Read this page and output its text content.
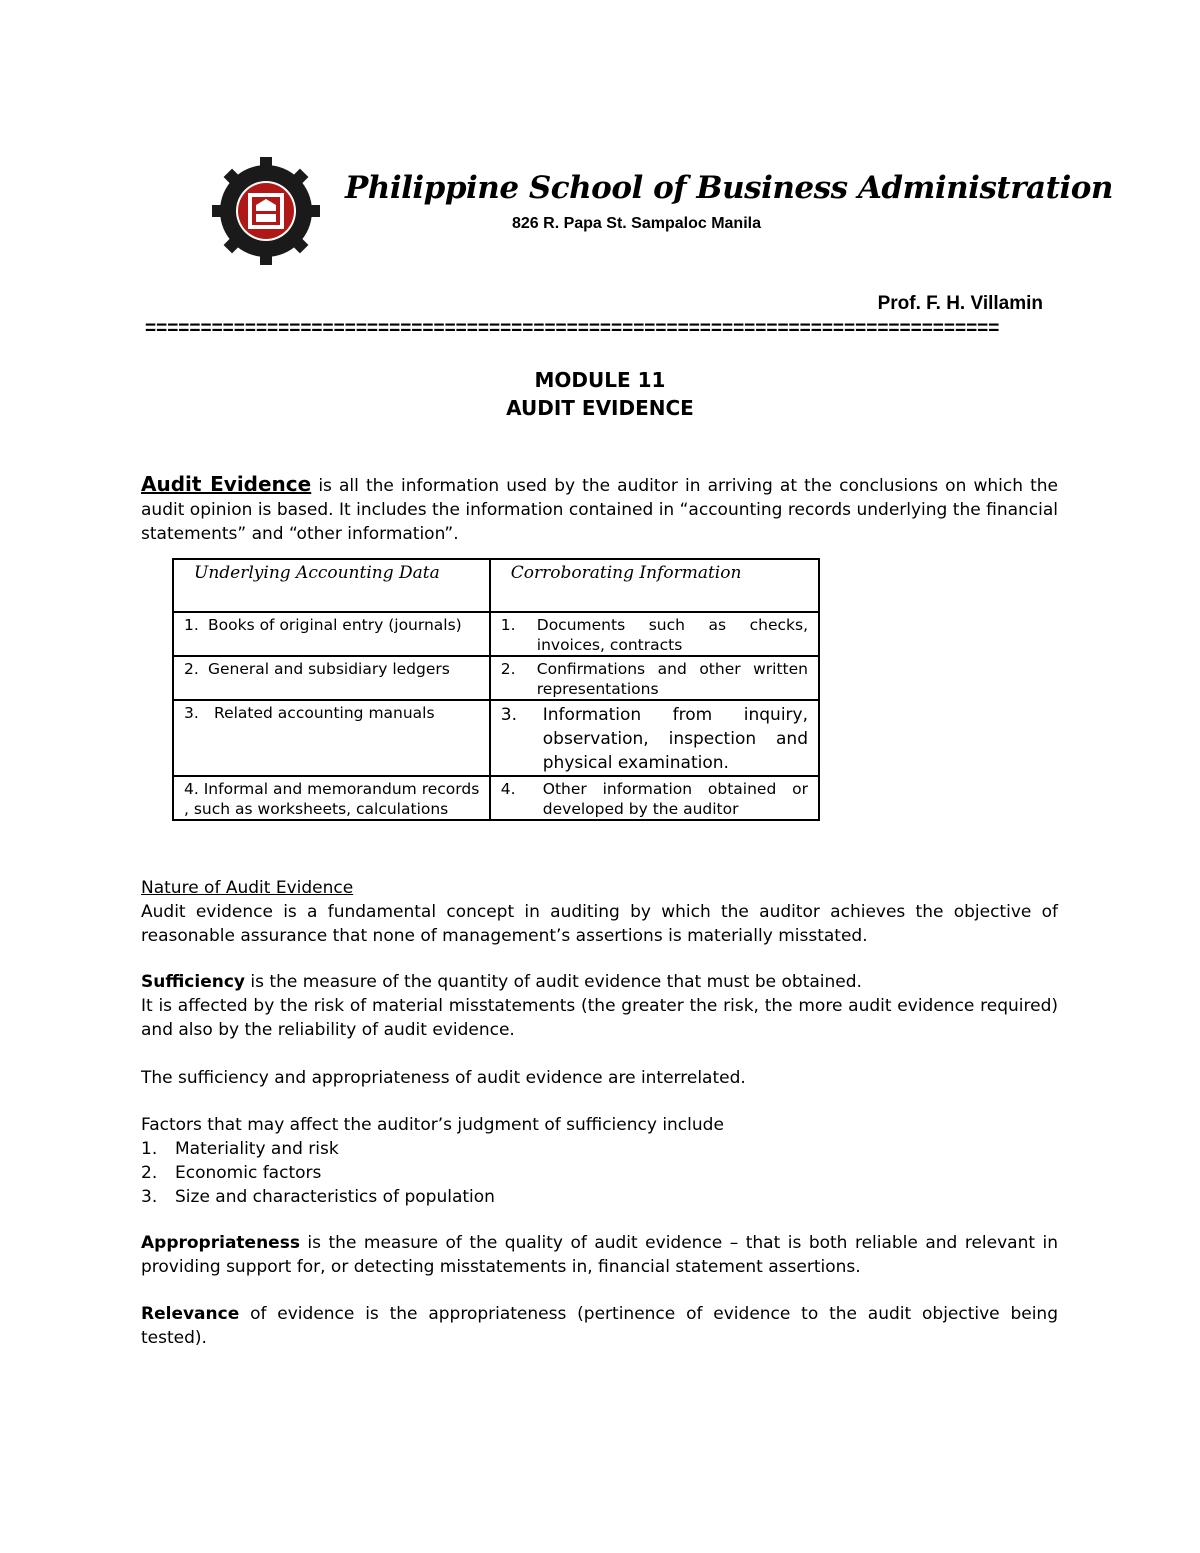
Philippine School of Business Administration
826 R. Papa St. Sampaloc Manila
Prof. F. H. Villamin
=============================================================================
MODULE 11
AUDIT EVIDENCE
Audit Evidence is all the information used by the auditor in arriving at the conclusions on which the audit opinion is based. It includes the information contained in “accounting records underlying the financial statements” and “other information”.
Underlying Accounting Data	Corroborating Information
1. Books of original entry (journals)	1. Documents such as checks, invoices, contracts

2. General and subsidiary ledgers	2. Confirmations and other written representations

3. Related accounting manuals	3. Information from inquiry, observation, inspection and physical examination.

4. Informal and memorandum records , such as worksheets, calculations	4. Other information obtained or developed by the auditor
Nature of Audit Evidence
Audit evidence is a fundamental concept in auditing by which the auditor achieves the objective of reasonable assurance that none of management’s assertions is materially misstated.
Sufficiency is the measure of the quantity of audit evidence that must be obtained.
It is affected by the risk of material misstatements (the greater the risk, the more audit evidence required) and also by the reliability of audit evidence.
The sufficiency and appropriateness of audit evidence are interrelated.
Factors that may affect the auditor’s judgment of sufficiency include
1.	Materiality and risk
2.	Economic factors
3.	Size and characteristics of population
Appropriateness is the measure of the quality of audit evidence – that is both reliable and relevant in providing support for, or detecting misstatements in, financial statement assertions.
Relevance of evidence is the appropriateness (pertinence of evidence to the audit objective being tested).
